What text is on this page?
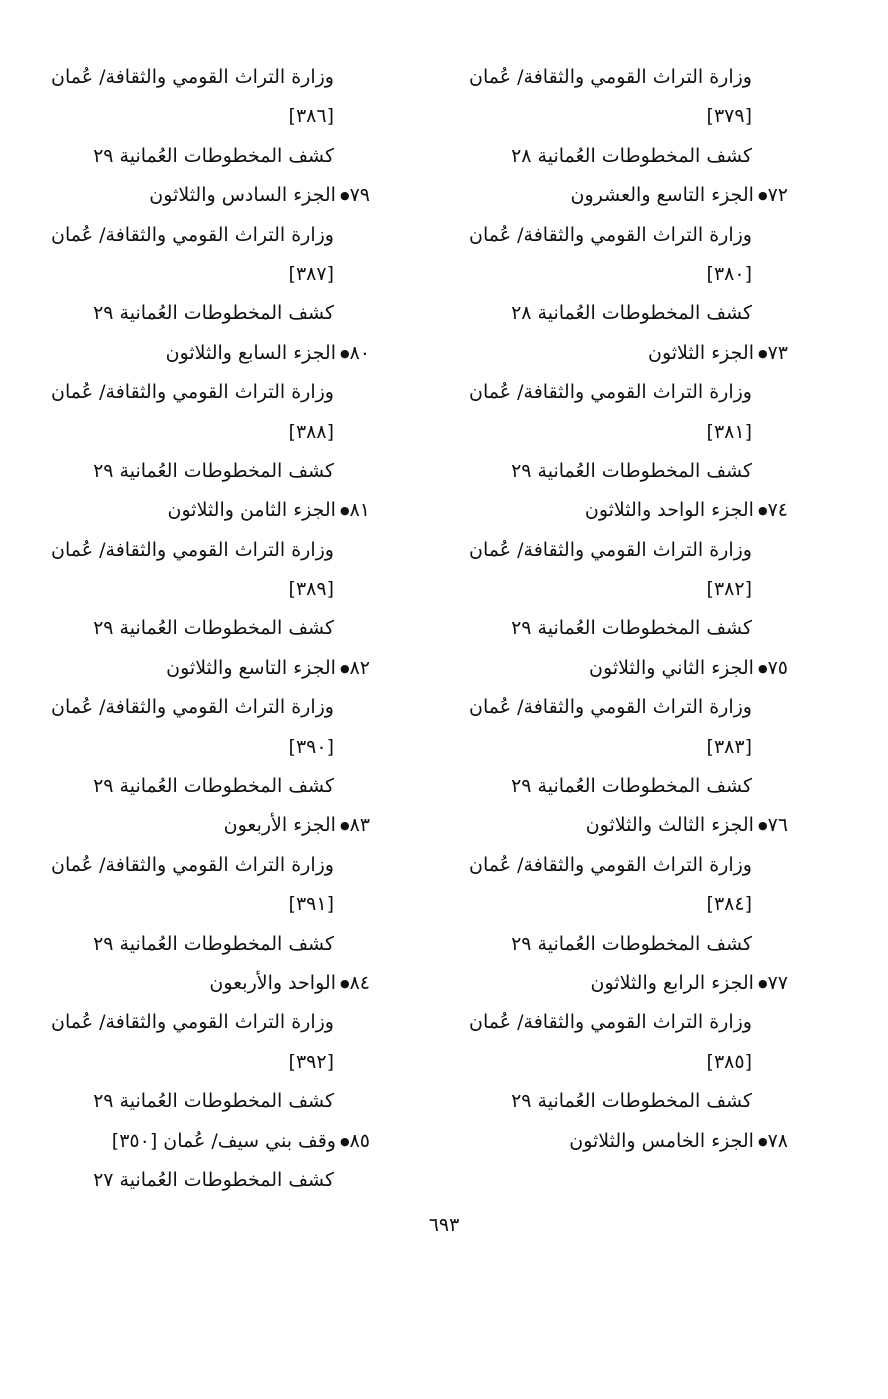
وزارة التراث القومي والثقافة/ عُمان
[٣٧٩]
كشف المخطوطات العُمانية ٢٨
٧٢●الجزء التاسع والعشرون
وزارة التراث القومي والثقافة/ عُمان
[٣٨٠]
كشف المخطوطات العُمانية ٢٨
٧٣●الجزء الثلاثون
وزارة التراث القومي والثقافة/ عُمان
[٣٨١]
كشف المخطوطات العُمانية ٢٩
٧٤●الجزء الواحد والثلاثون
وزارة التراث القومي والثقافة/ عُمان
[٣٨٢]
كشف المخطوطات العُمانية ٢٩
٧٥●الجزء الثاني والثلاثون
وزارة التراث القومي والثقافة/ عُمان
[٣٨٣]
كشف المخطوطات العُمانية ٢٩
٧٦●الجزء الثالث والثلاثون
وزارة التراث القومي والثقافة/ عُمان
[٣٨٤]
كشف المخطوطات العُمانية ٢٩
٧٧●الجزء الرابع والثلاثون
وزارة التراث القومي والثقافة/ عُمان
[٣٨٥]
كشف المخطوطات العُمانية ٢٩
٧٨●الجزء الخامس والثلاثون
وزارة التراث القومي والثقافة/ عُمان
[٣٨٦]
كشف المخطوطات العُمانية ٢٩
٧٩●الجزء السادس والثلاثون
وزارة التراث القومي والثقافة/ عُمان
[٣٨٧]
كشف المخطوطات العُمانية ٢٩
٨٠●الجزء السابع والثلاثون
وزارة التراث القومي والثقافة/ عُمان
[٣٨٨]
كشف المخطوطات العُمانية ٢٩
٨١●الجزء الثامن والثلاثون
وزارة التراث القومي والثقافة/ عُمان
[٣٨٩]
كشف المخطوطات العُمانية ٢٩
٨٢●الجزء التاسع والثلاثون
وزارة التراث القومي والثقافة/ عُمان
[٣٩٠]
كشف المخطوطات العُمانية ٢٩
٨٣●الجزء الأربعون
وزارة التراث القومي والثقافة/ عُمان
[٣٩١]
كشف المخطوطات العُمانية ٢٩
٨٤●الواحد والأربعون
وزارة التراث القومي والثقافة/ عُمان
[٣٩٢]
كشف المخطوطات العُمانية ٢٩
٨٥●وقف بني سيف/ عُمان [٣٥٠]
كشف المخطوطات العُمانية ٢٧
٦٩٣
